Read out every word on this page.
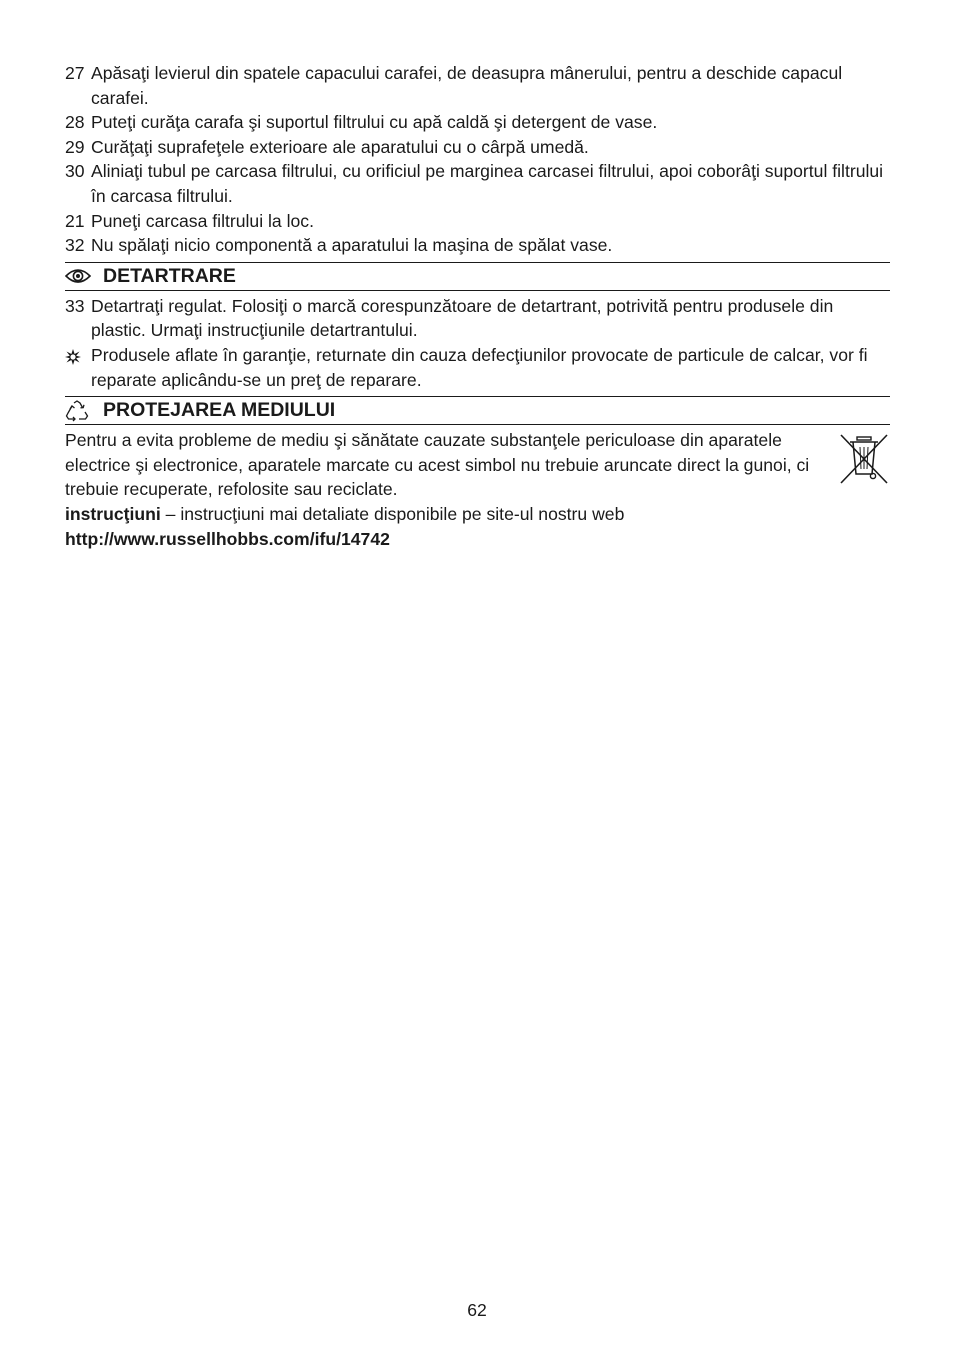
27 Apăsaţi levierul din spatele capacului carafei, de deasupra mânerului, pentru a deschide capacul carafei.

28 Puteţi curăţa carafa şi suportul filtrului cu apă caldă şi detergent de vase.

29 Curăţaţi suprafeţele exterioare ale aparatului cu o cârpă umedă.

30 Aliniaţi tubul pe carcasa filtrului, cu orificiul pe marginea carcasei filtrului, apoi coborâţi suportul filtrului în carcasa filtrului.

21 Puneţi carcasa filtrului la loc.

32 Nu spălaţi nicio componentă a aparatului la maşina de spălat vase.

DETARTRARE

33 Detartraţi regulat. Folosiţi o marcă corespunzătoare de detartrant, potrivită pentru produsele din plastic. Urmaţi instrucţiunile detartrantului.

Produsele aflate în garanţie, returnate din cauza defecţiunilor provocate de particule de calcar, vor fi reparate aplicându-se un preţ de reparare.

PROTEJAREA MEDIULUI
Pentru a evita probleme de mediu şi sănătate cauzate substanţele periculoase din aparatele electrice şi electronice, aparatele marcate cu acest simbol nu trebuie aruncate direct la gunoi, ci trebuie recuperate, refolosite sau reciclate.
instrucţiuni – instrucţiuni mai detaliate disponibile pe site-ul nostru web
http://www.russellhobbs.com/ifu/14742
62
